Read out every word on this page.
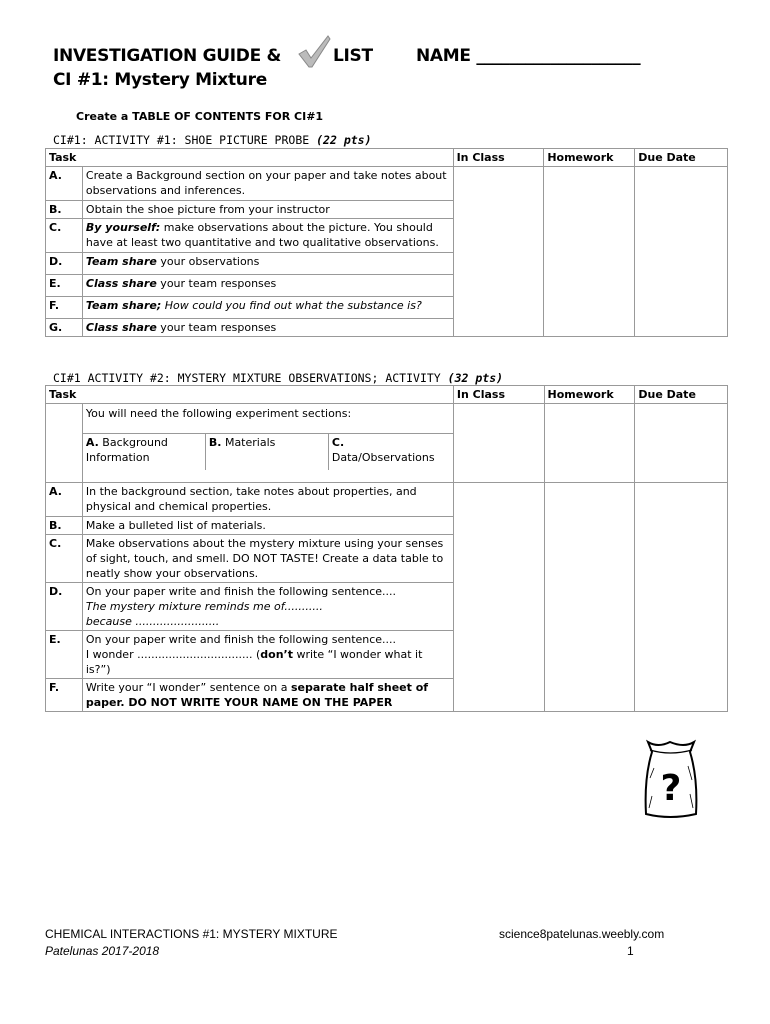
INVESTIGATION GUIDE &	LIST	NAME ____________________
CI #1: Mystery Mixture
Create a TABLE OF CONTENTS FOR CI#1
CI#1: ACTIVITY #1: SHOE PICTURE PROBE (22 pts)
Task		In Class	Homework	Due Date
A.	Create a Background section on your paper and take notes about observations and inferences.			
B.	Obtain the shoe picture from your instructor			
C.	By yourself: make observations about the picture. You should have at least two quantitative and two qualitative observations.			
D.	Team share your observations			
E.	Class share your team responses			
F.	Team share; How could you find out what the substance is?			
G.	Class share your team responses			
CI#1 ACTIVITY #2: MYSTERY MIXTURE OBSERVATIONS; ACTIVITY (32 pts)
Task	In Class	Homework	Due Date

You will need the following experiment sections:
A. Background Information	B. Materials	C.
Data/Observations

A.	In the background section, take notes about properties, and physical and chemical properties.			
B.	Make a bulleted list of materials.
C.	Make observations about the mystery mixture using your senses of sight, touch, and smell. DO NOT TASTE! Create a data table to neatly show your observations.
D.	On your paper write and finish the following sentence....
The mystery mixture reminds me of...........
because ........................
E.	On your paper write and finish the following sentence....
I wonder ................................. (don’t write “I wonder what it is?”)
F.	Write your “I wonder” sentence on a separate half sheet of paper. DO NOT WRITE YOUR NAME ON THE PAPER
?
CHEMICAL INTERACTIONS #1: MYSTERY MIXTURE
Patelunas 2017-2018
science8patelunas.weebly.com
1
